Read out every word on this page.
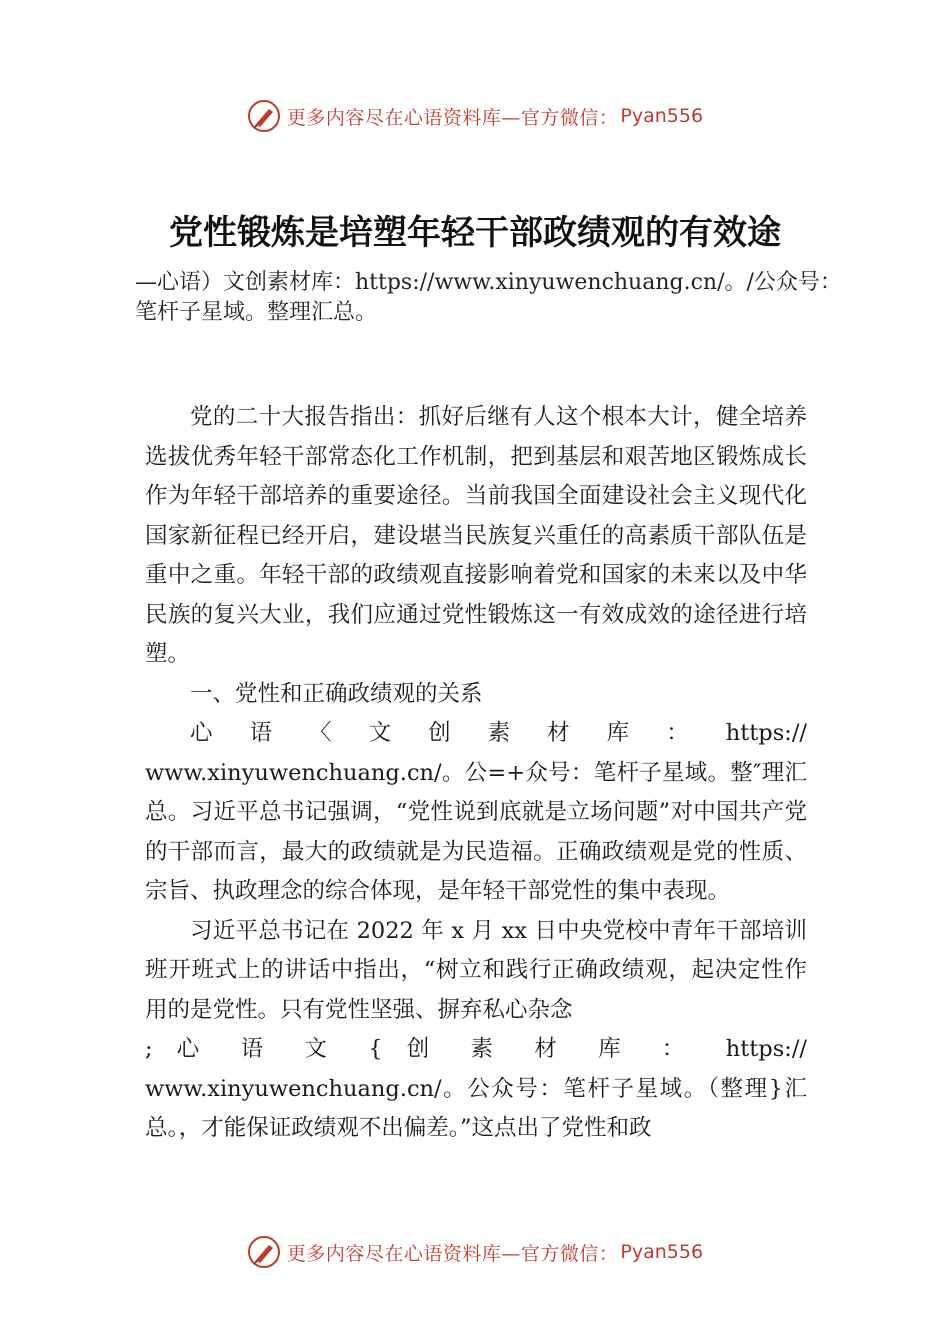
更多内容尽在心语资料库—官方微信： Pyan556
党性锻炼是培塑年轻干部政绩观的有效途
—心语）文创素材库：https://www.xinyuwenchuang.cn/。/公众号：笔杆子星域。整理汇总。

党的二十大报告指出：抓好后继有人这个根本大计，健全培养选拔优秀年轻干部常态化工作机制，把到基层和艰苦地区锻炼成长作为年轻干部培养的重要途径。当前我国全面建设社会主义现代化国家新征程已经开启，建设堪当民族复兴重任的高素质干部队伍是重中之重。年轻干部的政绩观直接影响着党和国家的未来以及中华民族的复兴大业，我们应通过党性锻炼这一有效成效的途径进行培塑。

一、党性和正确政绩观的关系

心 语 〈 文 创 素 材 库 ： https://

www.xinyuwenchuang.cn/。公=+众号：笔杆子星域。整″理汇总。习近平总书记强调，“党性说到底就是立场问题”对中国共产党的干部而言，最大的政绩就是为民造福。正确政绩观是党的性质、宗旨、执政理念的综合体现，是年轻干部党性的集中表现。

习近平总书记在 2022 年 x 月 xx 日中央党校中青年干部培训班开班式上的讲话中指出，“树立和践行正确政绩观，起决定性作用的是党性。只有党性坚强、摒弃私心杂念

; 心 语 文 { 创 素 材 库 ： https://

www.xinyuwenchuang.cn/。公众号：笔杆子星域。（整理}汇总。，才能保证政绩观不出偏差。”这点出了党性和政

更多内容尽在心语资料库—官方微信： Pyan556
